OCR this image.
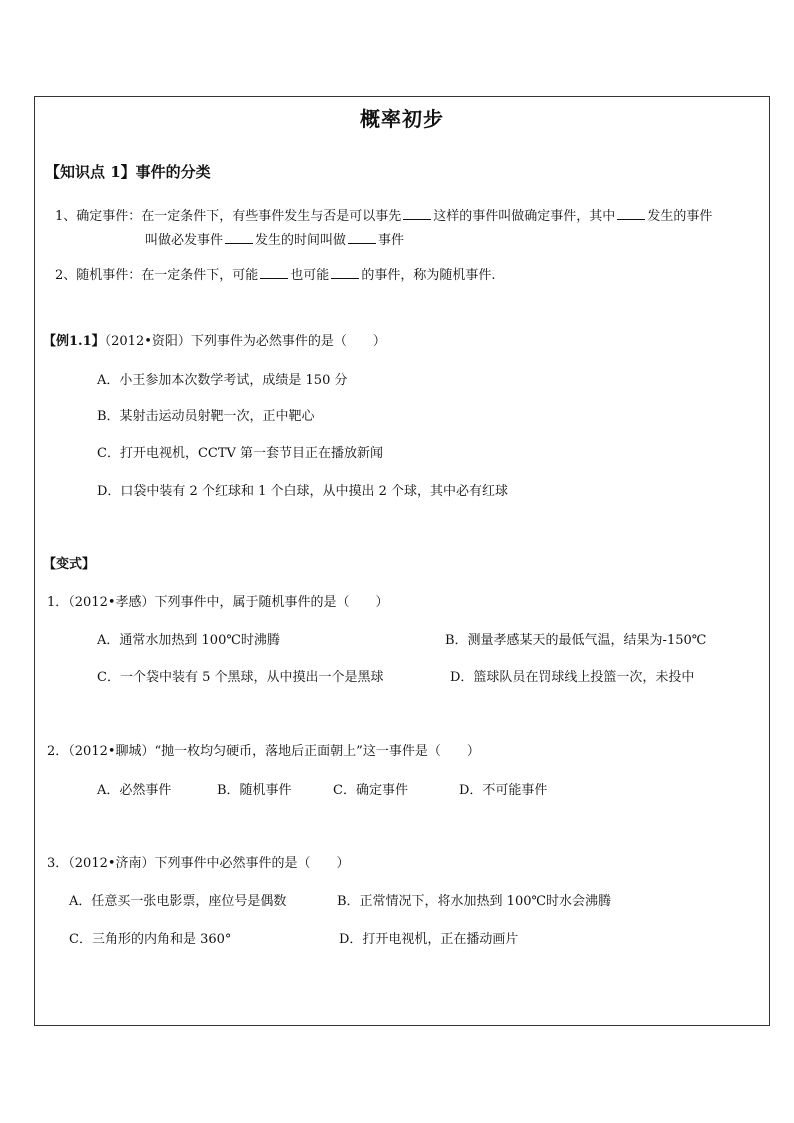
概率初步
【知识点 1】事件的分类
1、确定事件：在一定条件下，有些事件发生与否是可以事先 这样的事件叫做确定事件，其中 发生的事件
叫做必发事件 发生的时间叫做 事件
2、随机事件：在一定条件下，可能 也可能 的事件，称为随机事件.
【例1.1】（2012•资阳）下列事件为必然事件的是（　　）
A．小王参加本次数学考试，成绩是 150 分
B．某射击运动员射靶一次，正中靶心
C．打开电视机，CCTV 第一套节目正在播放新闻
D．口袋中装有 2 个红球和 1 个白球，从中摸出 2 个球，其中必有红球
【变式】
1．（2012•孝感）下列事件中，属于随机事件的是（　　）
A．通常水加热到 100℃时沸腾	B．测量孝感某天的最低气温，结果为-150℃
C．一个袋中装有 5 个黑球，从中摸出一个是黑球	D．篮球队员在罚球线上投篮一次，未投中
2．（2012•聊城）“抛一枚均匀硬币，落地后正面朝上”这一事件是（　　）
A．必然事件	B．随机事件	C．确定事件	D．不可能事件
3．（2012•济南）下列事件中必然事件的是（　　）
A．任意买一张电影票，座位号是偶数	B．正常情况下，将水加热到 100℃时水会沸腾
C．三角形的内角和是 360°	D．打开电视机，正在播动画片
